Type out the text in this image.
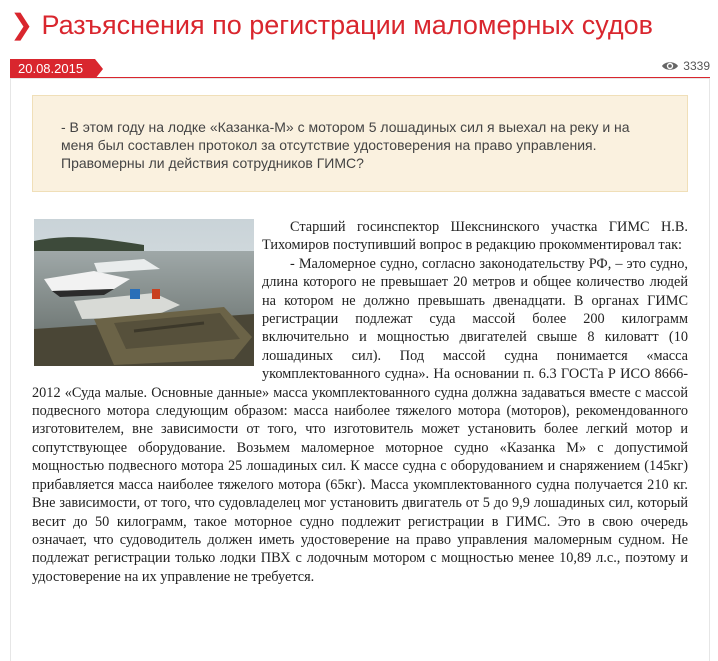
❯ Разъяснения по регистрации маломерных судов
20.08.2015	3339
- В этом году на лодке «Казанка-М» с мотором 5 лошадиных сил я выехал на реку и на меня был составлен протокол за отсутствие удостоверения на право управления. Правомерны ли действия сотрудников ГИМС?

Старший госинспектор Шекснинского участка ГИМС Н.В. Тихомиров поступивший вопрос в редакцию прокомментировал так:

- Маломерное судно, согласно законодательству РФ, – это судно, длина которого не превышает 20 метров и общее количество людей на котором не должно превышать двенадцати. В органах ГИМС регистрации подлежат суда массой более 200 килограмм включительно и мощностью двигателей свыше 8 киловатт (10 лошадиных сил). Под массой судна понимается «масса укомплектованного судна». На основании п. 6.3 ГОСТа Р ИСО 8666-2012 «Суда малые. Основные данные» масса укомплектованного судна должна задаваться вместе с массой подвесного мотора следующим образом: масса наиболее тяжелого мотора (моторов), рекомендованного изготовителем, вне зависимости от того, что изготовитель может установить более легкий мотор и сопутствующее оборудование. Возьмем маломерное моторное судно «Казанка М» с допустимой мощностью подвесного мотора 25 лошадиных сил. К массе судна с оборудованием и снаряжением (145кг) прибавляется масса наиболее тяжелого мотора (65кг). Масса укомплектованного судна получается 210 кг. Вне зависимости, от того, что судовладелец мог установить двигатель от 5 до 9,9 лошадиных сил, который весит до 50 килограмм, такое моторное судно подлежит регистрации в ГИМС. Это в свою очередь означает, что судоводитель должен иметь удостоверение на право управления маломерным судном. Не подлежат регистрации только лодки ПВХ с лодочным мотором с мощностью менее 10,89 л.с., поэтому и удостоверение на их управление не требуется.
